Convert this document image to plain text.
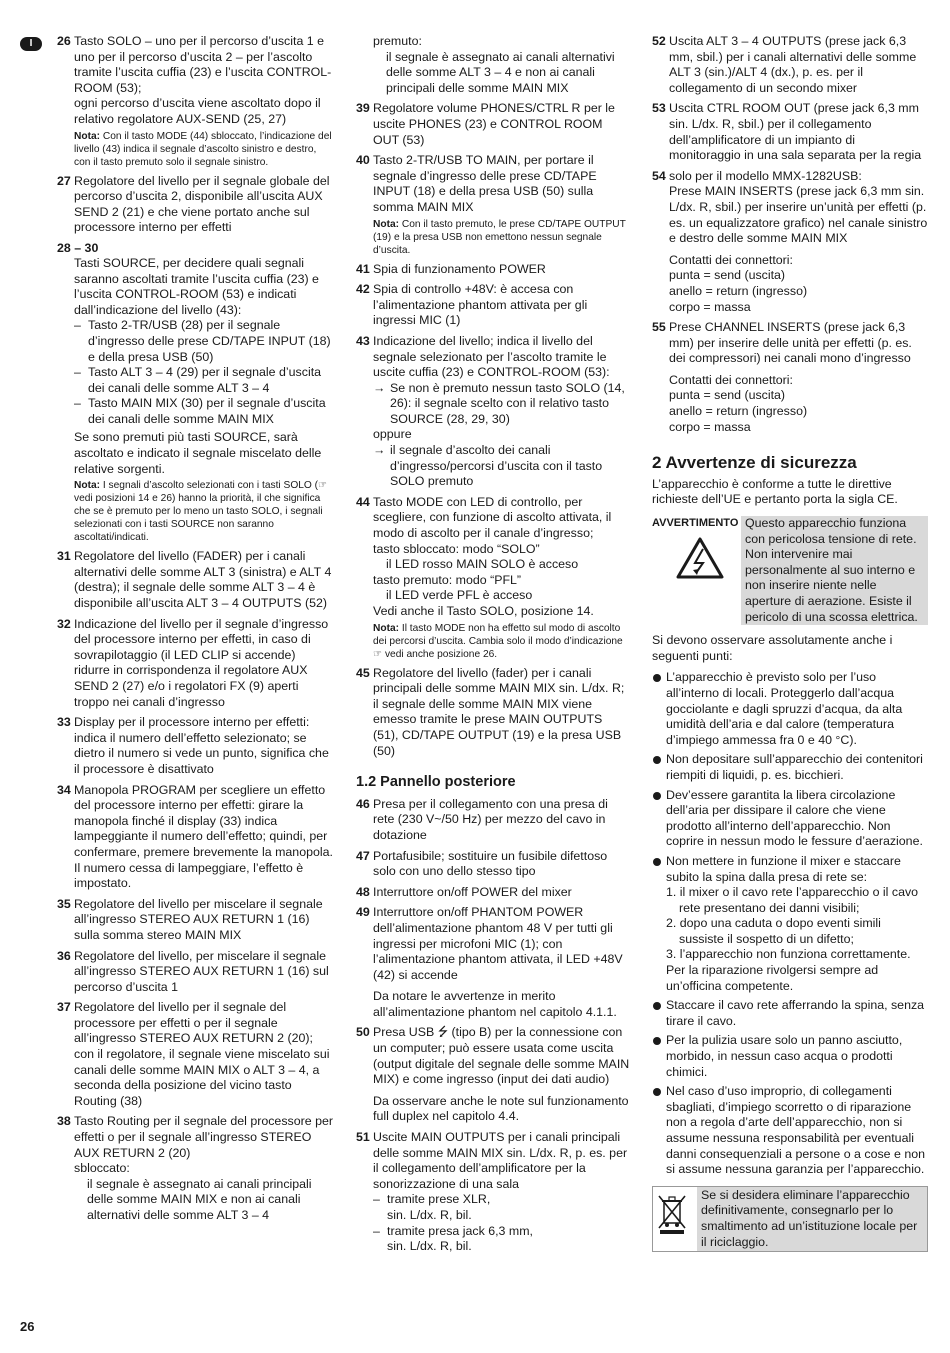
I	26 Tasto SOLO – uno per il percorso d’uscita 1 e uno per il percorso d’uscita 2 – per l’ascolto tramite l’uscita cuffia (23) e l’uscita CONTROL-ROOM (53);

ogni percorso d’uscita viene ascoltato dopo il relativo regolatore AUX-SEND (25, 27)

Nota: Con il tasto MODE (44) sbloccato, l’indicazione del livello (43) indica il segnale d’ascolto sinistro e destro, con il tasto premuto solo il segnale sinistro.

27 Regolatore del livello per il segnale globale del percorso d’uscita 2, disponibile all’uscita AUX SEND 2 (21) e che viene portato anche sul processore interno per effetti

28 – 30

Tasti SOURCE, per decidere quali segnali saranno ascoltati tramite l’uscita cuffia (23) e l’uscita CONTROL-ROOM (53) e indicati dall’indicazione del livello (43):

– Tasto 2-TR/USB (28) per il segnale d’ingresso delle prese CD/TAPE INPUT (18) e della presa USB (50)
– Tasto ALT 3 – 4 (29) per il segnale d’uscita dei canali delle somme ALT 3 – 4
– Tasto MAIN MIX (30) per il segnale d’uscita dei canali delle somme MAIN MIX

Se sono premuti più tasti SOURCE, sarà ascoltato e indicato il segnale miscelato delle relative sorgenti.

Nota: I segnali d’ascolto selezionati con i tasti SOLO (☞ vedi posizioni 14 e 26) hanno la priorità, il che significa che se è premuto per lo meno un tasto SOLO, i segnali selezionati con i tasti SOURCE non saranno ascoltati/indicati.

31 Regolatore del livello (FADER) per i canali alternativi delle somme ALT 3 (sinistra) e ALT 4 (destra); il segnale delle somme ALT 3 – 4 è disponibile all’uscita ALT 3 – 4 OUTPUTS (52)

32 Indicazione del livello per il segnale d’ingresso del processore interno per effetti, in caso di sovrapilotaggio (il LED CLIP si accende) ridurre in corrispondenza il regolatore AUX SEND 2 (27) e/o i regolatori FX (9) aperti troppo nei canali d’ingresso

33 Display per il processore interno per effetti: indica il numero dell’effetto selezionato; se dietro il numero si vede un punto, significa che il processore è disattivato

34 Manopola PROGRAM per scegliere un effetto del processore interno per effetti: girare la manopola finché il display (33) indica lampeggiante il numero dell’effetto; quindi, per confermare, premere brevemente la manopola. Il numero cessa di lampeggiare, l’effetto è impostato.

35 Regolatore del livello per miscelare il segnale all’ingresso STEREO AUX RETURN 1 (16) sulla somma stereo MAIN MIX

36 Regolatore del livello, per miscelare il segnale all’ingresso STEREO AUX RETURN 1 (16) sul percorso d’uscita 1

37 Regolatore del livello per il segnale del processore per effetti o per il segnale all’ingresso STEREO AUX RETURN 2 (20);

con il regolatore, il segnale viene miscelato sui canali delle somme MAIN MIX o ALT 3 – 4, a seconda della posizione del vicino tasto Routing (38)

38 Tasto Routing per il segnale del processore per effetti o per il segnale all’ingresso STEREO AUX RETURN 2 (20)

sbloccato:

il segnale è assegnato ai canali principali delle somme MAIN MIX e non ai canali alternativi delle somme ALT 3 – 4

premuto:

il segnale è assegnato ai canali alternativi delle somme ALT 3 – 4 e non ai canali principali delle somme MAIN MIX

39 Regolatore volume PHONES/CTRL R per le uscite PHONES (23) e CONTROL ROOM OUT (53)

40 Tasto 2-TR/USB TO MAIN, per portare il segnale d’ingresso delle prese CD/TAPE INPUT (18) e della presa USB (50) sulla somma MAIN MIX

Nota: Con il tasto premuto, le prese CD/TAPE OUTPUT (19) e la presa USB non emettono nessun segnale d’uscita.

41 Spia di funzionamento POWER

42 Spia di controllo +48V: è accesa con l’alimentazione phantom attivata per gli ingressi MIC (1)

43 Indicazione del livello; indica il livello del segnale selezionato per l’ascolto tramite le uscite cuffia (23) e CONTROL-ROOM (53):

→ Se non è premuto nessun tasto SOLO (14, 26): il segnale scelto con il relativo tasto SOURCE (28, 29, 30)

oppure

→ il segnale d’ascolto dei canali d’ingresso/percorsi d’uscita con il tasto SOLO premuto
44 Tasto MODE con LED di controllo, per scegliere, con funzione di ascolto attivata, il modo di ascolto per il canale d’ingresso;

tasto sbloccato: modo “SOLO”

il LED rosso MAIN SOLO è acceso

tasto premuto: modo “PFL”

il LED verde PFL è acceso

Vedi anche il Tasto SOLO, posizione 14.

Nota: Il tasto MODE non ha effetto sul modo di ascolto dei percorsi d’uscita. Cambia solo il modo d’indicazione ☞ vedi anche posizione 26.

45 Regolatore del livello (fader) per i canali principali delle somme MAIN MIX sin. L/dx. R;

il segnale delle somme MAIN MIX viene emesso tramite le prese MAIN OUTPUTS (51), CD/TAPE OUTPUT (19) e la presa USB (50)

1.2 Pannello posteriore
46 Presa per il collegamento con una presa di rete (230 V~/50 Hz) per mezzo del cavo in dotazione

47 Portafusibile; sostituire un fusibile difettoso solo con uno dello stesso tipo

48 Interruttore on/off POWER del mixer

49 Interruttore on/off PHANTOM POWER dell’alimentazione phantom 48 V per tutti gli ingressi per microfoni MIC (1); con l’alimentazione phantom attivata, il LED +48V (42) si accende

Da notare le avvertenze in merito all’alimentazione phantom nel capitolo 4.1.1.

50 Presa USB ⭍ (tipo B) per la connessione con un computer; può essere usata come uscita (output digitale del segnale delle somme MAIN MIX) e come ingresso (input dei dati audio)

Da osservare anche le note sul funzionamento full duplex nel capitolo 4.4.

51 Uscite MAIN OUTPUTS per i canali principali delle somme MAIN MIX sin. L/dx. R, p. es. per il collegamento dell’amplificatore per la sonorizzazione di una sala

– tramite prese XLR,

sin. L/dx. R, bil.

– tramite presa jack 6,3 mm,

sin. L/dx. R, bil.

52 Uscita ALT 3 – 4 OUTPUTS (prese jack 6,3 mm, sbil.) per i canali alternativi delle somme ALT 3 (sin.)/ALT 4 (dx.), p. es. per il collegamento di un secondo mixer

53 Uscita CTRL ROOM OUT (prese jack 6,3 mm sin. L/dx. R, sbil.) per il collegamento dell’amplificatore di un impianto di monitoraggio in una sala separata per la regia

54 solo per il modello MMX-1282USB:

Prese MAIN INSERTS (prese jack 6,3 mm sin. L/dx. R, sbil.) per inserire un’unità per effetti (p. es. un equalizzatore grafico) nel canale sinistro e destro delle somme MAIN MIX

Contatti dei connettori:

punta = send (uscita)

anello = return (ingresso)

corpo = massa

55 Prese CHANNEL INSERTS (prese jack 6,3 mm) per inserire delle unità per effetti (p. es. dei compressori) nei canali mono d’ingresso

Contatti dei connettori:

punta = send (uscita)

anello = return (ingresso)

corpo = massa

2 Avvertenze di sicurezza

L’apparecchio è conforme a tutte le direttive richieste dell’UE e pertanto porta la sigla CE.

AVVERTIMENTO Questo apparecchio funziona con pericolosa tensione di rete. Non intervenire mai personalmente al suo interno e non inserire niente nelle aperture di aerazione. Esiste il pericolo di una scossa elettrica.

Si devono osservare assolutamente anche i seguenti punti:

L’apparecchio è previsto solo per l’uso all’interno di locali. Proteggerlo dall’acqua gocciolante e dagli spruzzi d’acqua, da alta umidità dell’aria e dal calore (temperatura d’impiego ammessa fra 0 e 40 °C).
Non depositare sull’apparecchio dei contenitori riempiti di liquidi, p. es. bicchieri.
Dev’essere garantita la libera circolazione dell’aria per dissipare il calore che viene prodotto all’interno dell’apparecchio. Non coprire in nessun modo le fessure d’aerazione.
Non mettere in funzione il mixer e staccare subito la spina dalla presa di rete se:
1. il mixer o il cavo rete l’apparecchio o il cavo rete presentano dei danni visibili;
2. dopo una caduta o dopo eventi simili sussiste il sospetto di un difetto;
3. l’apparecchio non funziona correttamente.
Per la riparazione rivolgersi sempre ad un’officina competente.
Staccare il cavo rete afferrando la spina, senza tirare il cavo.
Per la pulizia usare solo un panno asciutto, morbido, in nessun caso acqua o prodotti chimici.
Nel caso d’uso improprio, di collegamenti sbagliati, d’impiego scorretto o di riparazione non a regola d’arte dell’apparecchio, non si assume nessuna responsabilità per eventuali danni consequenziali a persone o a cose e non si assume nessuna garanzia per l’apparecchio.
Se si desidera eliminare l’apparecchio definitivamente, consegnarlo per lo smaltimento ad un’istituzione locale per il riciclaggio.
26
